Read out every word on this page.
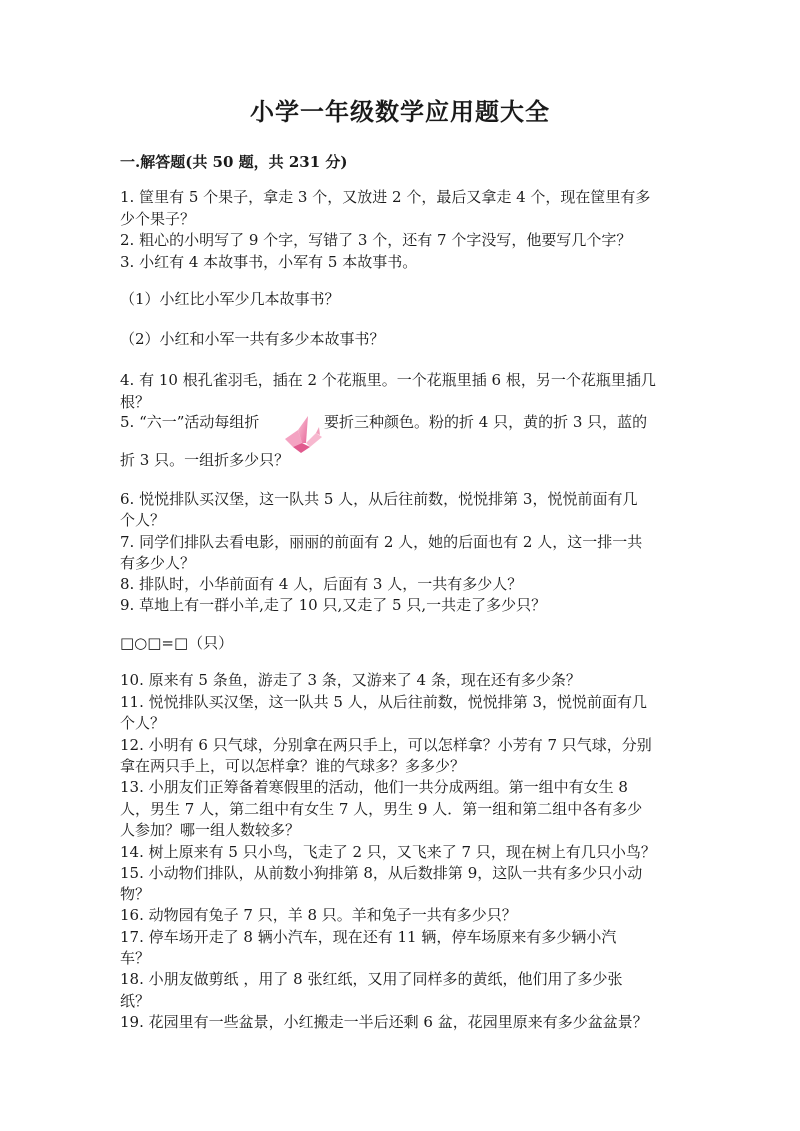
小学一年级数学应用题大全
一.解答题(共 50 题，共 231 分)
1. 筐里有 5 个果子，拿走 3 个，又放进 2 个，最后又拿走 4 个，现在筐里有多
少个果子？
2. 粗心的小明写了 9 个字，写错了 3 个，还有 7 个字没写，他要写几个字？
3. 小红有 4 本故事书，小军有 5 本故事书。
（1）小红比小军少几本故事书？
（2）小红和小军一共有多少本故事书？
4. 有 10 根孔雀羽毛，插在 2 个花瓶里。一个花瓶里插 6 根，另一个花瓶里插几
根？
5. “六一”活动每组折	要折三种颜色。粉的折 4 只，黄的折 3 只，蓝的
折 3 只。一组折多少只？
6. 悦悦排队买汉堡，这一队共 5 人，从后往前数，悦悦排第 3，悦悦前面有几
个人？
7. 同学们排队去看电影，丽丽的前面有 2 人，她的后面也有 2 人，这一排一共
有多少人？
8. 排队时，小华前面有 4 人，后面有 3 人，一共有多少人？
9. 草地上有一群小羊,走了 10 只,又走了 5 只,一共走了多少只？
□○□=□（只）
10. 原来有 5 条鱼，游走了 3 条，又游来了 4 条，现在还有多少条？
11. 悦悦排队买汉堡，这一队共 5 人，从后往前数，悦悦排第 3，悦悦前面有几
个人？
12. 小明有 6 只气球，分别拿在两只手上，可以怎样拿？小芳有 7 只气球，分别
拿在两只手上，可以怎样拿？谁的气球多？多多少？
13. 小朋友们正筹备着寒假里的活动，他们一共分成两组。第一组中有女生 8
人，男生 7 人，第二组中有女生 7 人，男生 9 人．第一组和第二组中各有多少
人参加？哪一组人数较多？
14. 树上原来有 5 只小鸟，飞走了 2 只，又飞来了 7 只，现在树上有几只小鸟？
15. 小动物们排队，从前数小狗排第 8，从后数排第 9，这队一共有多少只小动
物？
16. 动物园有兔子 7 只，羊 8 只。羊和兔子一共有多少只？
17. 停车场开走了 8 辆小汽车，现在还有 11 辆，停车场原来有多少辆小汽
车？
18. 小朋友做剪纸 ，用了 8 张红纸，又用了同样多的黄纸，他们用了多少张
纸？
19. 花园里有一些盆景，小红搬走一半后还剩 6 盆，花园里原来有多少盆盆景？
